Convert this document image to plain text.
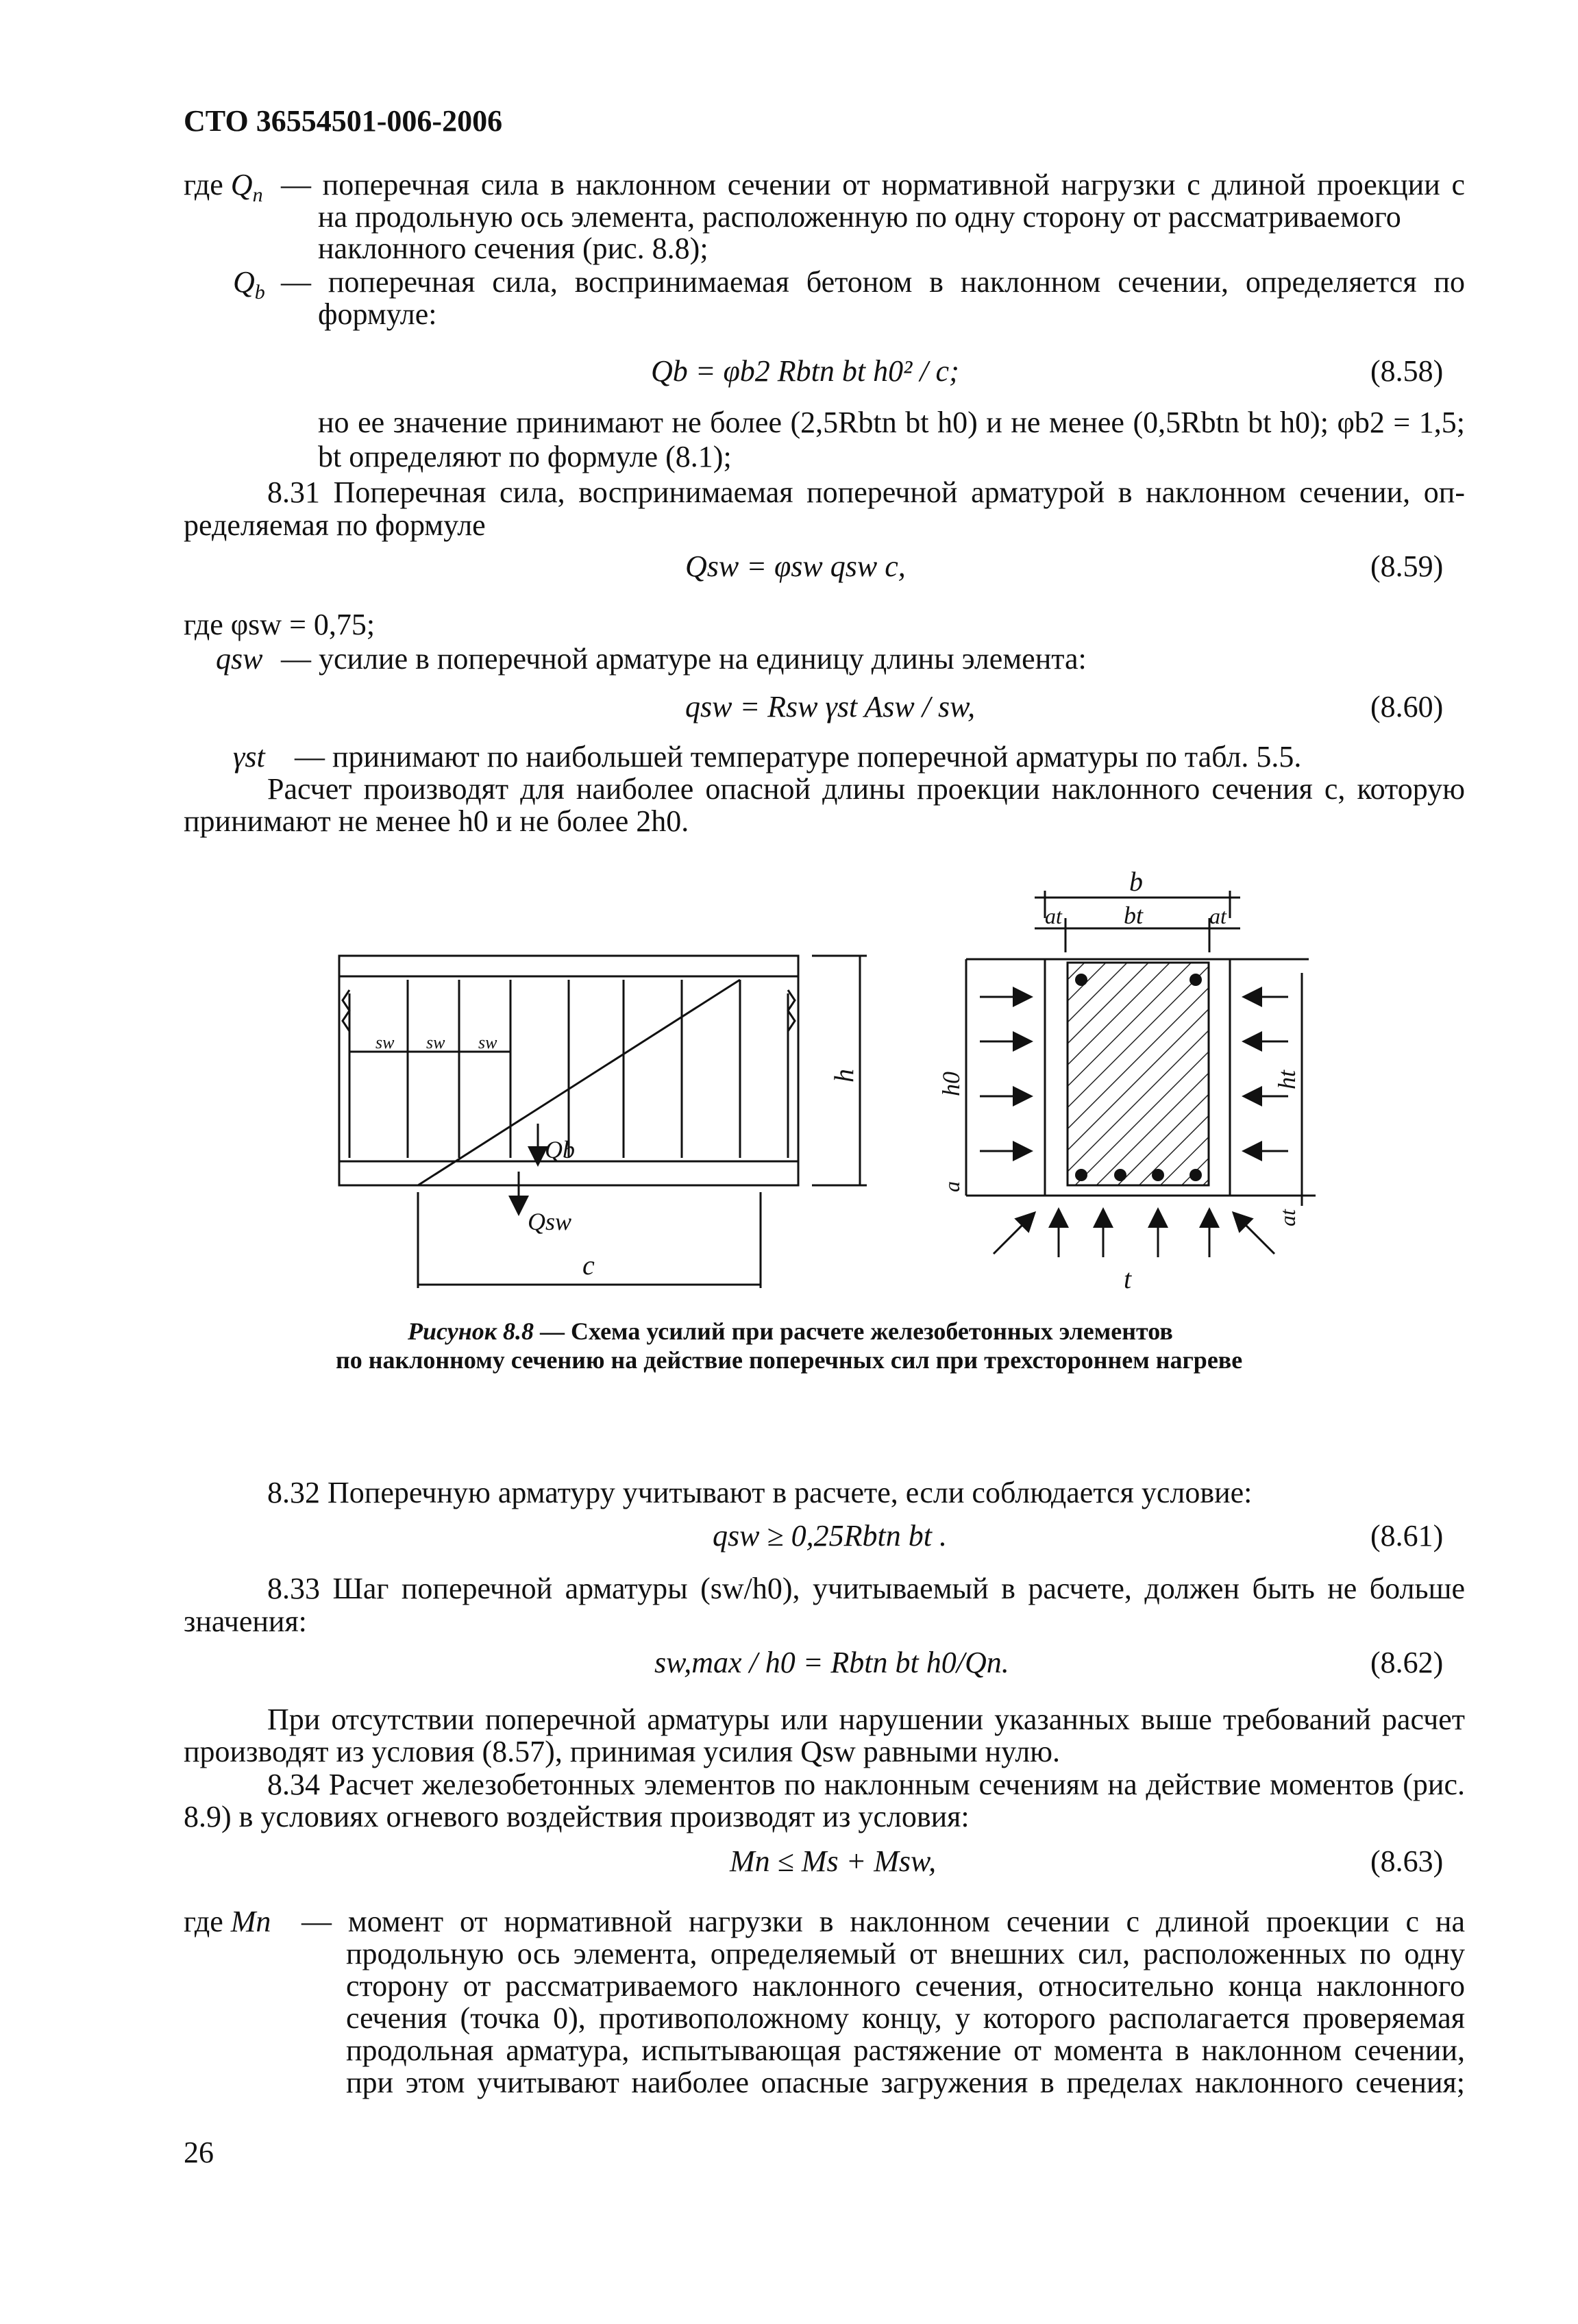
СТО 36554501-006-2006
где $Q_n$ — поперечная сила в наклонном сечении от нормативной нагрузки с длиной проекции c
на продольную ось элемента, расположенную по одну сторону от рассматриваемого
наклонного сечения (рис. 8.8);
$Q_b$ — поперечная сила, воспринимаемая бетоном в наклонном сечении, определяется по
формуле:
Qb = φb2 Rbtn bt h0² / c;	(8.58)
но ее значение принимают не более (2,5Rbtn bt h0) и не менее (0,5Rbtn bt h0); φb2 = 1,5;
bt определяют по формуле (8.1);
8.31 Поперечная сила, воспринимаемая поперечной арматурой в наклонном сечении, оп-
ределяемая по формуле
Qsw = φsw qsw c,	(8.59)
где φsw = 0,75;
qsw — усилие в поперечной арматуре на единицу длины элемента:
qsw = Rsw γst Asw / sw,	(8.60)
γst — принимают по наибольшей температуре поперечной арматуры по табл. 5.5.
Расчет производят для наиболее опасной длины проекции наклонного сечения c, которую
принимают не менее h0 и не более 2h0.
sw sw sw
Qb
Qsw
c
h
b
bt
at	at
h0	ht
a
at
t
Рисунок 8.8 — Схема усилий при расчете железобетонных элементов
по наклонному сечению на действие поперечных сил при трехстороннем нагреве
8.32 Поперечную арматуру учитывают в расчете, если соблюдается условие:
qsw ≥ 0,25Rbtn bt .	(8.61)
8.33 Шаг поперечной арматуры (sw/h0), учитываемый в расчете, должен быть не больше
значения:
sw,max / h0 = Rbtn bt h0/Qn.	(8.62)
При отсутствии поперечной арматуры или нарушении указанных выше требований расчет
производят из условия (8.57), принимая усилия Qsw равными нулю.
8.34 Расчет железобетонных элементов по наклонным сечениям на действие моментов (рис.
8.9) в условиях огневого воздействия производят из условия:
Mn ≤ Ms + Msw,	(8.63)
где Mn — момент от нормативной нагрузки в наклонном сечении с длиной проекции c на
продольную ось элемента, определяемый от внешних сил, расположенных по одну
сторону от рассматриваемого наклонного сечения, относительно конца наклонного
сечения (точка 0), противоположному концу, у которого располагается проверяемая
продольная арматура, испытывающая растяжение от момента в наклонном сечении,
при этом учитывают наиболее опасные загружения в пределах наклонного сечения;
26
